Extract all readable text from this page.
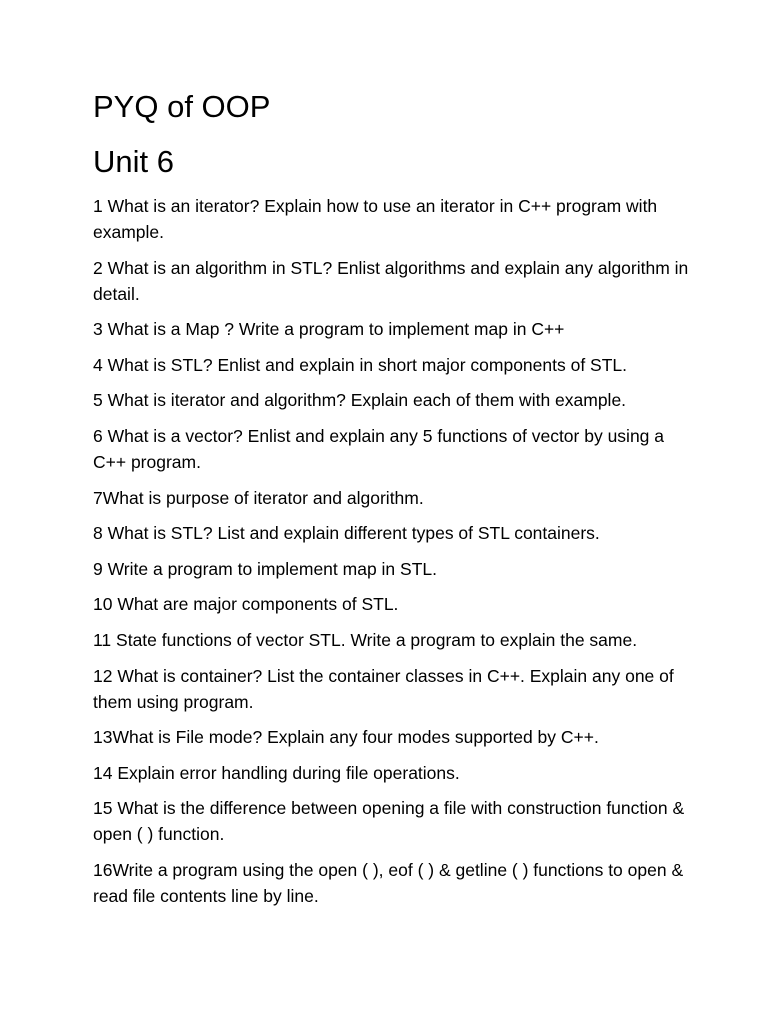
PYQ of OOP
Unit 6

1 What is an iterator? Explain how to use an iterator in C++ program with example.

2 What is an algorithm in STL? Enlist algorithms and explain any algorithm in detail.

3 What is a Map ? Write a program to implement map in C++

4 What is STL? Enlist and explain in short major components of STL.

5 What is iterator and algorithm? Explain each of them with example.

6 What is a vector? Enlist and explain any 5 functions of vector by using a C++ program.

7What is purpose of iterator and algorithm.

8 What is STL? List and explain different types of STL containers.

9 Write a program to implement map in STL.

10 What are major components of STL.

11 State functions of vector STL. Write a program to explain the same.

12 What is container? List the container classes in C++. Explain any one of them using program.

13What is File mode? Explain any four modes supported by C++.

14 Explain error handling during file operations.

15 What is the difference between opening a file with construction function & open ( ) function.

16Write a program using the open ( ), eof ( ) & getline ( ) functions to open & read file contents line by line.
